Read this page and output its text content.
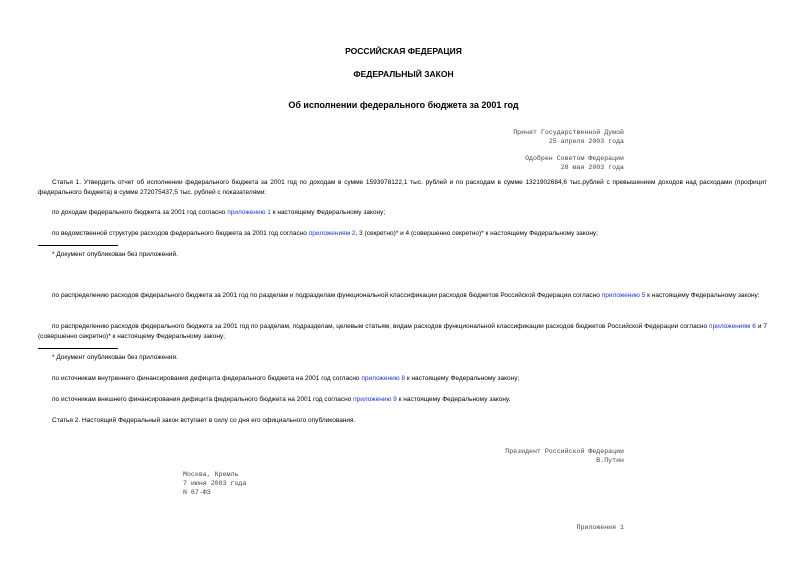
РОССИЙСКАЯ ФЕДЕРАЦИЯ
ФЕДЕРАЛЬНЫЙ ЗАКОН
Об исполнении федерального бюджета за 2001 год
Принят Государственной Думой
25 апреля 2003 года
Одобрен Советом Федерации
28 мая 2003 года
Статья 1. Утвердить отчет об исполнении федерального бюджета за 2001 год по доходам в сумме 1593978122,1 тыс. рублей и по расходам в сумме 1321902684,6 тыс.рублей с превышением доходов над расходами (профицит федерального бюджета) в сумме 272075437,5 тыс. рублей с показателями:
по доходам федерального бюджета за 2001 год согласно приложению 1 к настоящему Федеральному закону;
по ведомственной структуре расходов федерального бюджета за 2001 год согласно приложениям 2, 3 (секретно)* и 4 (совершенно секретно)* к настоящему Федеральному закону;
* Документ опубликован без приложений.
по распределению расходов федерального бюджета за 2001 год по разделам и подразделам функциональной классификации расходов бюджетов Российской Федерации согласно приложению 5 к настоящему Федеральному закону;
по распределению расходов федерального бюджета за 2001 год по разделам, подразделам, целевым статьям, видам расходов функциональной классификации расходов бюджетов Российской Федерации согласно приложениям 6 и 7 (совершенно секретно)* к настоящему Федеральному закону;
* Документ опубликован без приложения.
по источникам внутреннего финансирования дефицита федерального бюджета на 2001 год согласно приложению 8 к настоящему Федеральному закону;
по источникам внешнего финансирования дефицита федерального бюджета на 2001 год согласно приложению 9 к настоящему Федеральному закону.
Статья 2. Настоящий Федеральный закон вступает в силу со дня его официального опубликования.
Президент Российской Федерации
В.Путин
Москва, Кремль
7 июня 2003 года
N 67-ФЗ
Приложения 1
